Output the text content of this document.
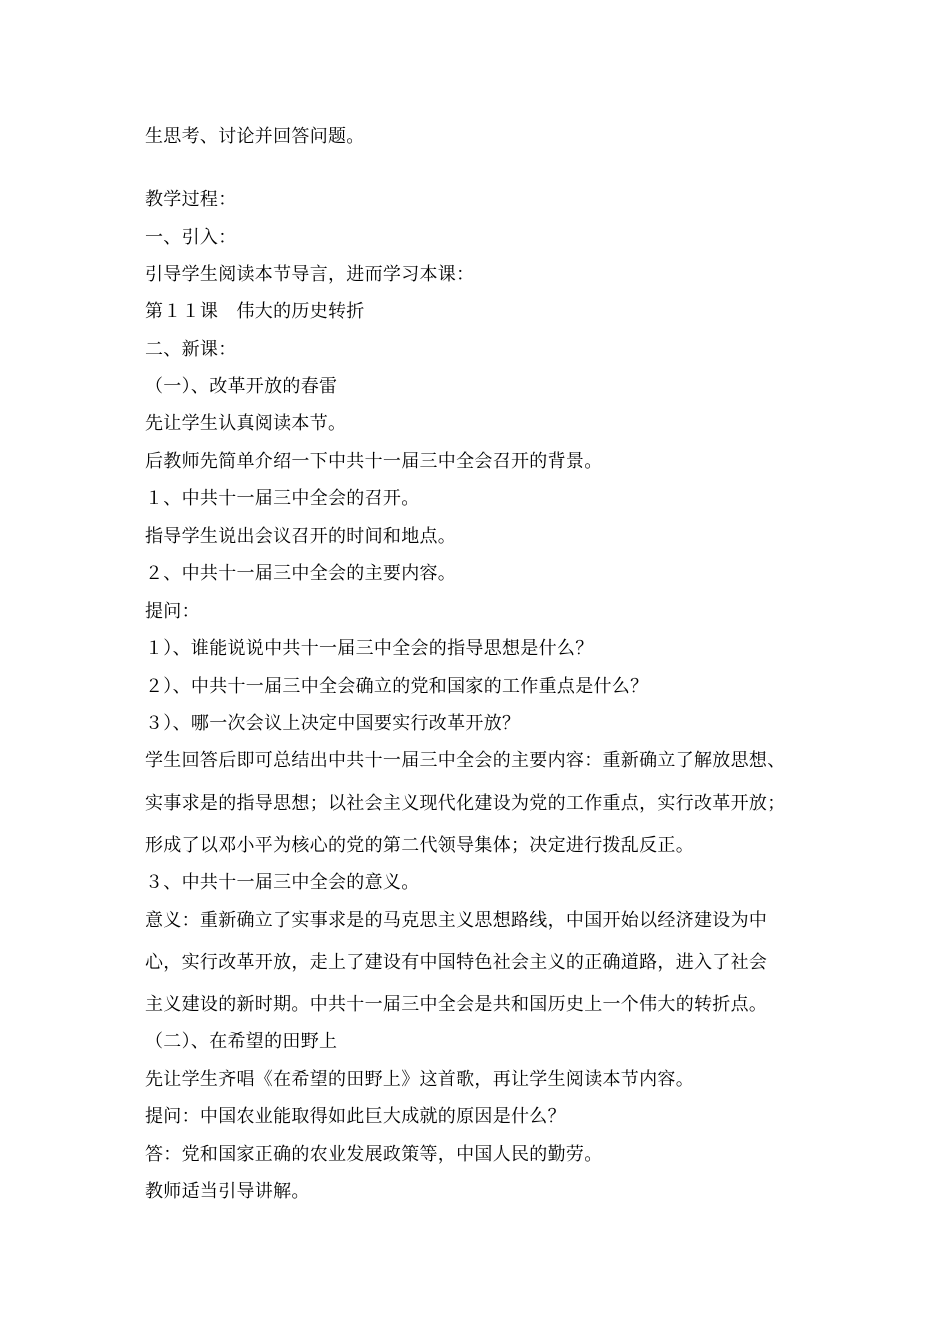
生思考、讨论并回答问题。
教学过程：
一、引入：
引导学生阅读本节导言，进而学习本课：
第１１课　伟大的历史转折
二、新课：
（一）、改革开放的春雷
先让学生认真阅读本节。
后教师先简单介绍一下中共十一届三中全会召开的背景。
１、中共十一届三中全会的召开。
指导学生说出会议召开的时间和地点。
２、中共十一届三中全会的主要内容。
提问：
１）、谁能说说中共十一届三中全会的指导思想是什么？
２）、中共十一届三中全会确立的党和国家的工作重点是什么？
３）、哪一次会议上决定中国要实行改革开放？
学生回答后即可总结出中共十一届三中全会的主要内容：重新确立了解放思想、
实事求是的指导思想；以社会主义现代化建设为党的工作重点，实行改革开放；
形成了以邓小平为核心的党的第二代领导集体；决定进行拨乱反正。
３、中共十一届三中全会的意义。
意义：重新确立了实事求是的马克思主义思想路线，中国开始以经济建设为中
心，实行改革开放，走上了建设有中国特色社会主义的正确道路，进入了社会
主义建设的新时期。中共十一届三中全会是共和国历史上一个伟大的转折点。
（二）、在希望的田野上
先让学生齐唱《在希望的田野上》这首歌，再让学生阅读本节内容。
提问：中国农业能取得如此巨大成就的原因是什么？
答：党和国家正确的农业发展政策等，中国人民的勤劳。
教师适当引导讲解。
